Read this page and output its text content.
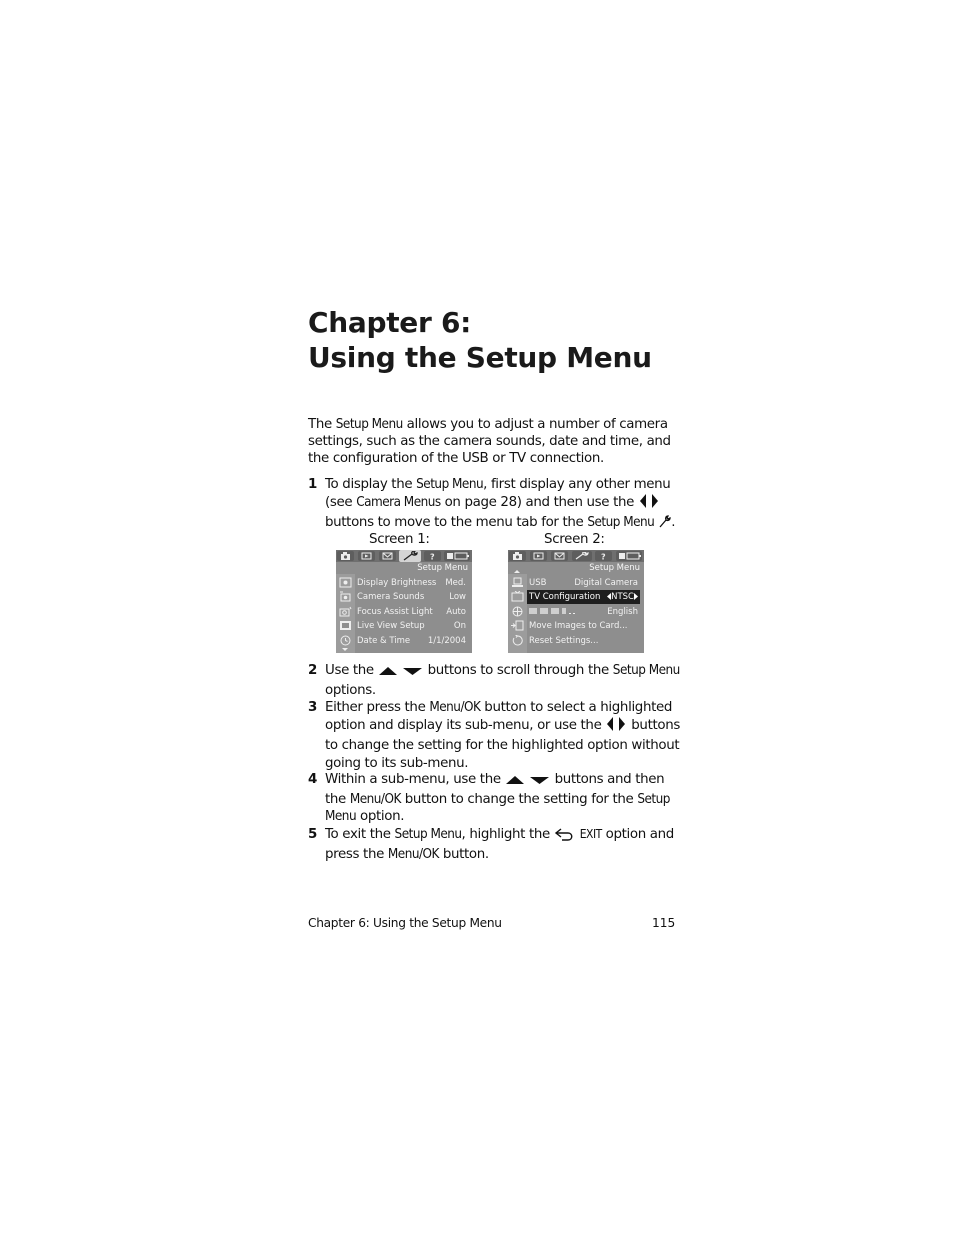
Chapter 6:
Using the Setup Menu

The Setup Menu allows you to adjust a number of camera settings, such as the camera sounds, date and time, and the configuration of the USB or TV connection.

1 To display the Setup Menu, first display any other menu (see Camera Menus on page 28) and then use the  buttons to move to the menu tab for the Setup Menu .
Screen 1:	Screen 2:
?
Setup Menu
Display Brightness Med.
Camera Sounds	Low
Focus Assist Light Auto
Live View Setup	On
Date & Time 1/1/2004
?
Setup Menu
USB	Digital Camera
TV Configuration	NTSC
English
Move Images to Card...
Reset Settings...
2 Use the	buttons to scroll through the Setup Menu options.
3 Either press the Menu/OK button to select a highlighted option and display its sub-menu, or use the  buttons to change the setting for the highlighted option without going to its sub-menu.
4 Within a sub-menu, use the	buttons and then the Menu/OK button to change the setting for the Setup Menu option.
5 To exit the Setup Menu, highlight the  EXIT option and press the Menu/OK button.
Chapter 6: Using the Setup Menu	115
